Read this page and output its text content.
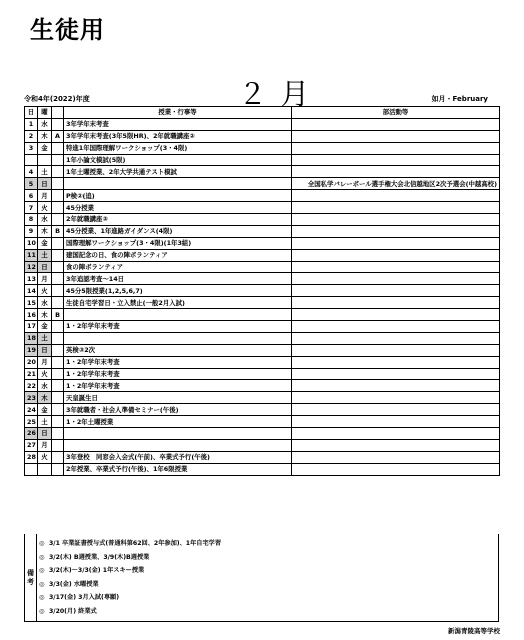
生徒用
令和4年(2022)年度	２ 月	如月・February
日	曜		授業・行事等	部活動等
1	水		3年学年末考査	
2	木	A	3年学年末考査(3年5限HR)、2年就職講座②	
3	金		特進1年国際理解ワークショップ(3・4限)	
			1年小論文模試(5限)	
4	土		1年土曜授業、2年大学共通テスト模試	
5	日			全国私学バレーボール選手権大会北信越地区2次予選会(中越高校)
6	月		P検②(追)	
7	火		45分授業	
8	水		2年就職講座③	
9	木	B	45分授業、1年進路ガイダンス(4限)	
10	金		国際理解ワークショップ(3・4限)(1年3組)	
11	土		建国記念の日、食の陣ボランティア	
12	日		食の陣ボランティア	
13	月		3年追認考査～14日	
14	火		45分5限授業(1,2,5,6,7)	
15	水		生徒自宅学習日・立入禁止(一般2月入試)	
16	木	B		
17	金		1・2年学年末考査	
18	土			
19	日		英検③2次	
20	月		1・2年学年末考査	
21	火		1・2年学年末考査	
22	水		1・2年学年末考査	
23	木		天皇誕生日	
24	金		3年就職者・社会人準備セミナー(午後)	
25	土		1・2年土曜授業	
26	日			
27	月			
28	火		3年登校　同窓会入会式(午前)、卒業式予行(午後)	
			2年授業、卒業式予行(午後)、1年6限授業	
備
考
◎ 3/1 卒業証書授与式(普通科第62回、2年参加)、1年自宅学習
◎ 3/2(木) B週授業、3/9(木)B週授業
◎ 3/2(木)～3/3(金) 1年スキー授業
◎ 3/3(金) 水曜授業
◎ 3/17(金) 3月入試(専願)
◎ 3/20(月) 終業式
新潟青陵高等学校
